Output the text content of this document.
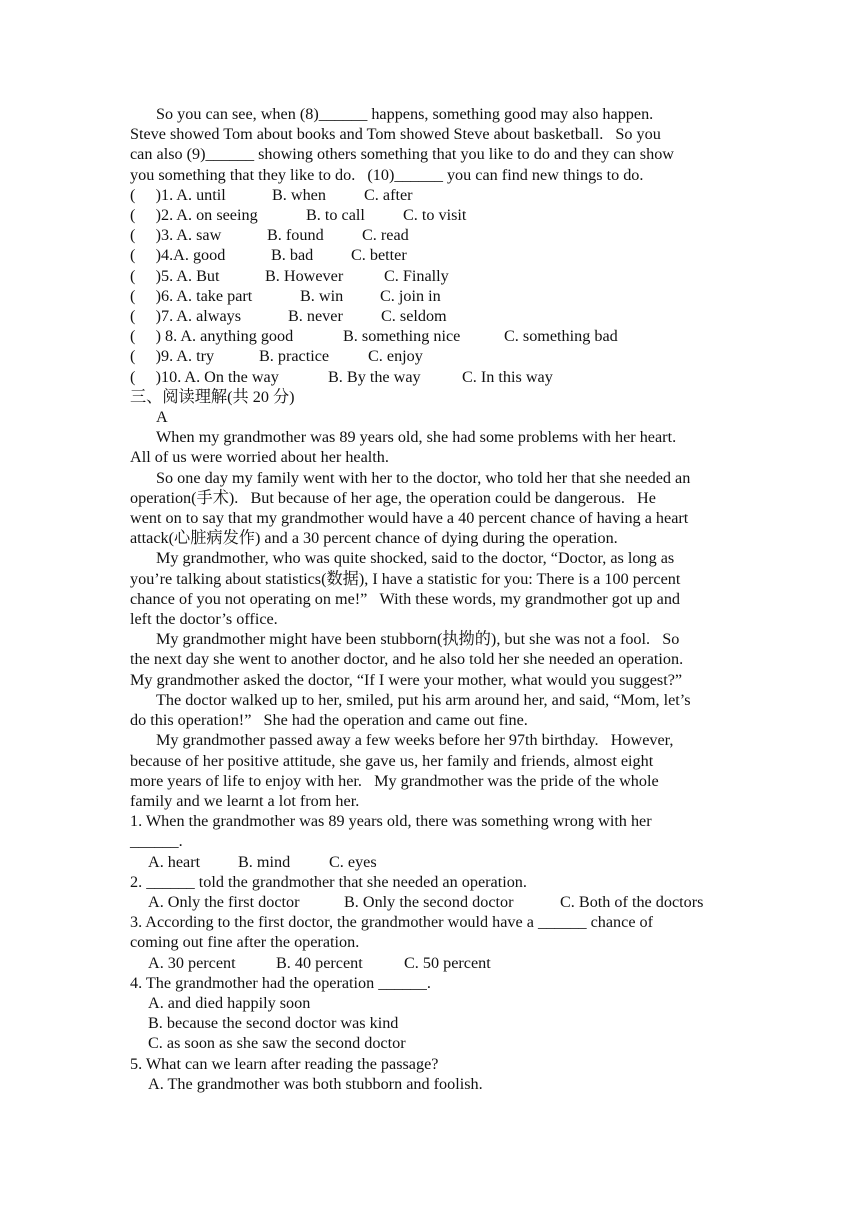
So you can see, when (8)______ happens, something good may also happen.
Steve showed Tom about books and Tom showed Steve about basketball.   So you
can also (9)______ showing others something that you like to do and they can show
you something that they like to do.   (10)______ you can find new things to do.
(     )1. A. until	B. when C. after
(     )2. A. on seeing	B. to call C. to visit
(     )3. A. saw	B. found C. read
(     )4.A. good	B. bad C. better
(     )5. A. But	B. However	C. Finally
(     )6. A. take part	B. win C. join in
(     )7. A. always	B. never C. seldom
(     ) 8. A. anything good	B. something nice	C. something bad
(     )9. A. try	B. practice C. enjoy
(     )10. A. On the way	B. By the way	C. In this way
三、阅读理解(共 20 分)
A
When my grandmother was 89 years old, she had some problems with her heart.
All of us were worried about her health.
So one day my family went with her to the doctor, who told her that she needed an
operation(手术).   But because of her age, the operation could be dangerous.   He
went on to say that my grandmother would have a 40 percent chance of having a heart
attack(心脏病发作) and a 30 percent chance of dying during the operation.
My grandmother, who was quite shocked, said to the doctor, “Doctor, as long as
you’re talking about statistics(数据), I have a statistic for you: There is a 100 percent
chance of you not operating on me!”   With these words, my grandmother got up and
left the doctor’s office.
My grandmother might have been stubborn(执拗的), but she was not a fool.   So
the next day she went to another doctor, and he also told her she needed an operation.
My grandmother asked the doctor, “If I were your mother, what would you suggest?”
The doctor walked up to her, smiled, put his arm around her, and said, “Mom, let’s
do this operation!”   She had the operation and came out fine.
My grandmother passed away a few weeks before her 97th birthday.   However,
because of her positive attitude, she gave us, her family and friends, almost eight
more years of life to enjoy with her.   My grandmother was the pride of the whole
family and we learnt a lot from her.
1. When the grandmother was 89 years old, there was something wrong with her
______.
A. heart B. mind C. eyes
2. ______ told the grandmother that she needed an operation.
A. Only the first doctor	B. Only the second doctor	C. Both of the doctors
3. According to the first doctor, the grandmother would have a ______ chance of
coming out fine after the operation.
A. 30 percent B. 40 percent	C. 50 percent
4. The grandmother had the operation ______.
A. and died happily soon
B. because the second doctor was kind
C. as soon as she saw the second doctor
5. What can we learn after reading the passage?
A. The grandmother was both stubborn and foolish.
